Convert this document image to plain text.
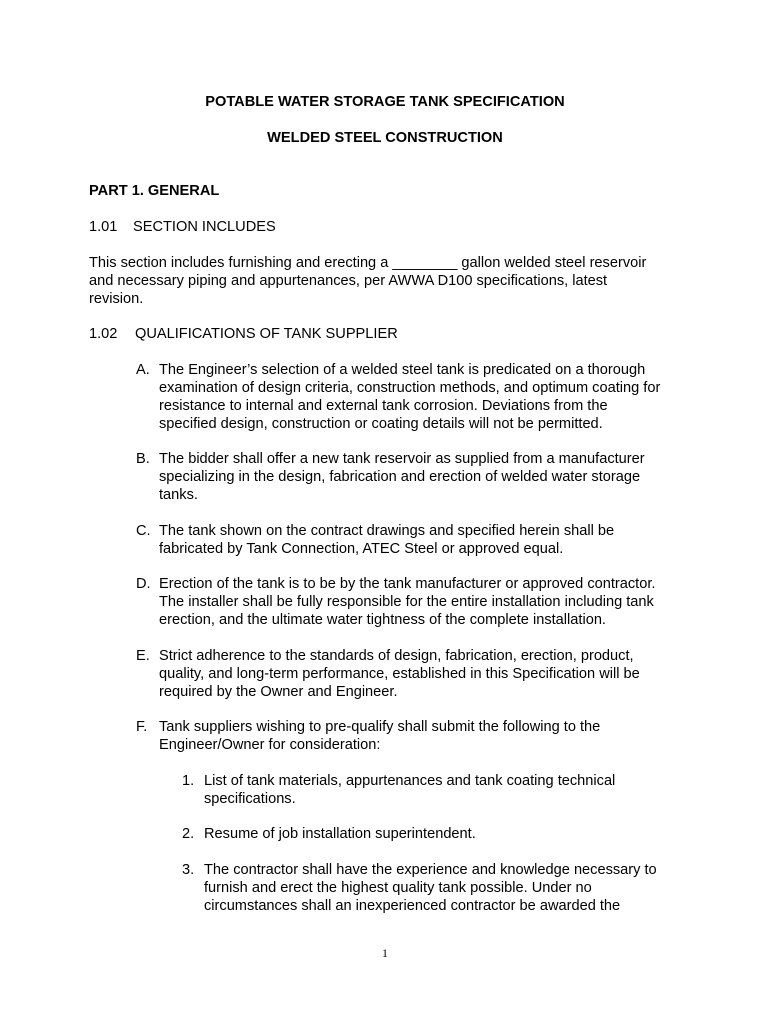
POTABLE WATER STORAGE TANK SPECIFICATION
WELDED STEEL CONSTRUCTION
PART 1. GENERAL
1.01 SECTION INCLUDES
This section includes furnishing and erecting a ________ gallon welded steel reservoir
and necessary piping and appurtenances, per AWWA D100 specifications, latest
revision.
1.02 QUALIFICATIONS OF TANK SUPPLIER
A. The Engineer’s selection of a welded steel tank is predicated on a thorough
examination of design criteria, construction methods, and optimum coating for
resistance to internal and external tank corrosion. Deviations from the
specified design, construction or coating details will not be permitted.
B. The bidder shall offer a new tank reservoir as supplied from a manufacturer
specializing in the design, fabrication and erection of welded water storage
tanks.
C. The tank shown on the contract drawings and specified herein shall be
fabricated by Tank Connection, ATEC Steel or approved equal.
D. Erection of the tank is to be by the tank manufacturer or approved contractor.
The installer shall be fully responsible for the entire installation including tank
erection, and the ultimate water tightness of the complete installation.
E. Strict adherence to the standards of design, fabrication, erection, product,
quality, and long-term performance, established in this Specification will be
required by the Owner and Engineer.
F. Tank suppliers wishing to pre-qualify shall submit the following to the
Engineer/Owner for consideration:
1. List of tank materials, appurtenances and tank coating technical
specifications.
2. Resume of job installation superintendent.
3. The contractor shall have the experience and knowledge necessary to
furnish and erect the highest quality tank possible. Under no
circumstances shall an inexperienced contractor be awarded the
1
